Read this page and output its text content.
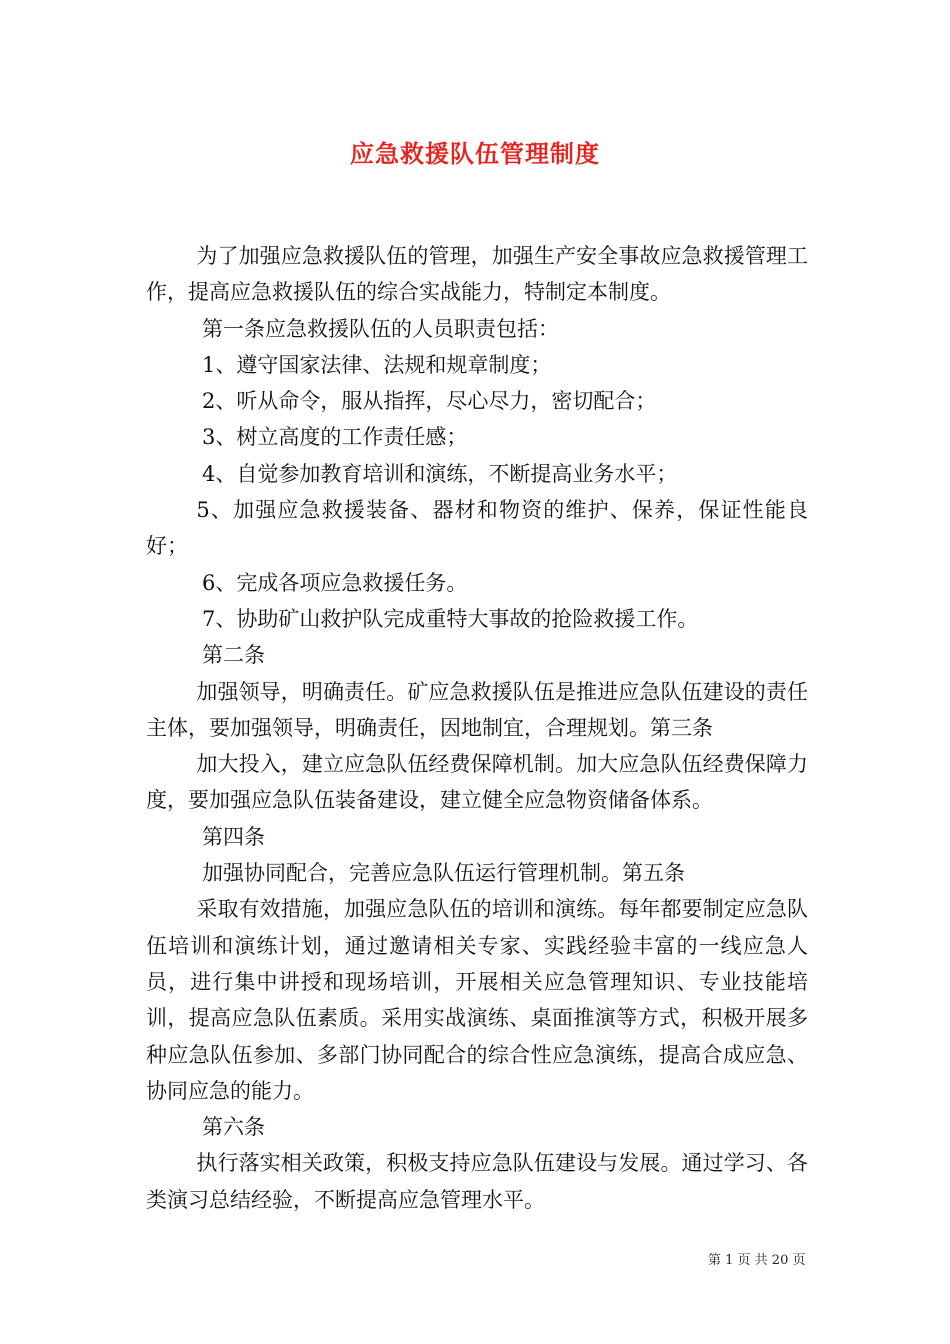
应急救援队伍管理制度

为了加强应急救援队伍的管理，加强生产安全事故应急救援管理工作，提高应急救援队伍的综合实战能力，特制定本制度。

第一条应急救援队伍的人员职责包括：

1、遵守国家法律、法规和规章制度；

2、听从命令，服从指挥，尽心尽力，密切配合；

3、树立高度的工作责任感；

4、自觉参加教育培训和演练，不断提高业务水平；

5、加强应急救援装备、器材和物资的维护、保养，保证性能良好；

6、完成各项应急救援任务。

7、协助矿山救护队完成重特大事故的抢险救援工作。

第二条

加强领导，明确责任。矿应急救援队伍是推进应急队伍建设的责任主体，要加强领导，明确责任，因地制宜，合理规划。第三条

加大投入，建立应急队伍经费保障机制。加大应急队伍经费保障力度，要加强应急队伍装备建设，建立健全应急物资储备体系。

第四条

加强协同配合，完善应急队伍运行管理机制。第五条

采取有效措施，加强应急队伍的培训和演练。每年都要制定应急队伍培训和演练计划，通过邀请相关专家、实践经验丰富的一线应急人员，进行集中讲授和现场培训，开展相关应急管理知识、专业技能培训，提高应急队伍素质。采用实战演练、桌面推演等方式，积极开展多种应急队伍参加、多部门协同配合的综合性应急演练，提高合成应急、协同应急的能力。

第六条

执行落实相关政策，积极支持应急队伍建设与发展。通过学习、各类演习总结经验，不断提高应急管理水平。

第 1 页 共 20 页
